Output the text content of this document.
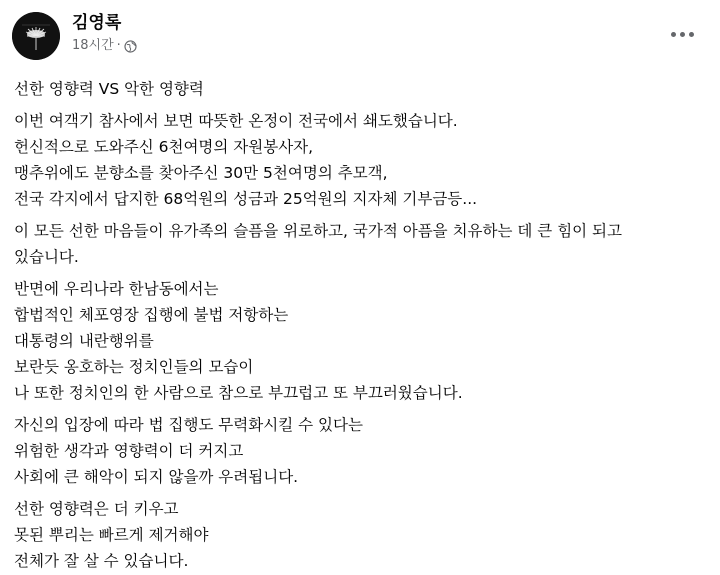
김영록
18시간 ·
선한 영향력 VS 악한 영향력
이번 여객기 참사에서 보면 따뜻한 온정이 전국에서 쇄도했습니다.
헌신적으로 도와주신 6천여명의 자원봉사자,
맹추위에도 분향소를 찾아주신 30만 5천여명의 추모객,
전국 각지에서 답지한 68억원의 성금과 25억원의 지자체 기부금등...
이 모든 선한 마음들이 유가족의 슬픔을 위로하고, 국가적 아픔을 치유하는 데 큰 힘이 되고
있습니다.
반면에 우리나라 한남동에서는
합법적인 체포영장 집행에 불법 저항하는
대통령의 내란행위를
보란듯 옹호하는 정치인들의 모습이
나 또한 정치인의 한 사람으로 참으로 부끄럽고 또 부끄러웠습니다.
자신의 입장에 따라 법 집행도 무력화시킬 수 있다는
위험한 생각과 영향력이 더 커지고
사회에 큰 해악이 되지 않을까 우려됩니다.
선한 영향력은 더 키우고
못된 뿌리는 빠르게 제거해야
전체가 잘 살 수 있습니다.
